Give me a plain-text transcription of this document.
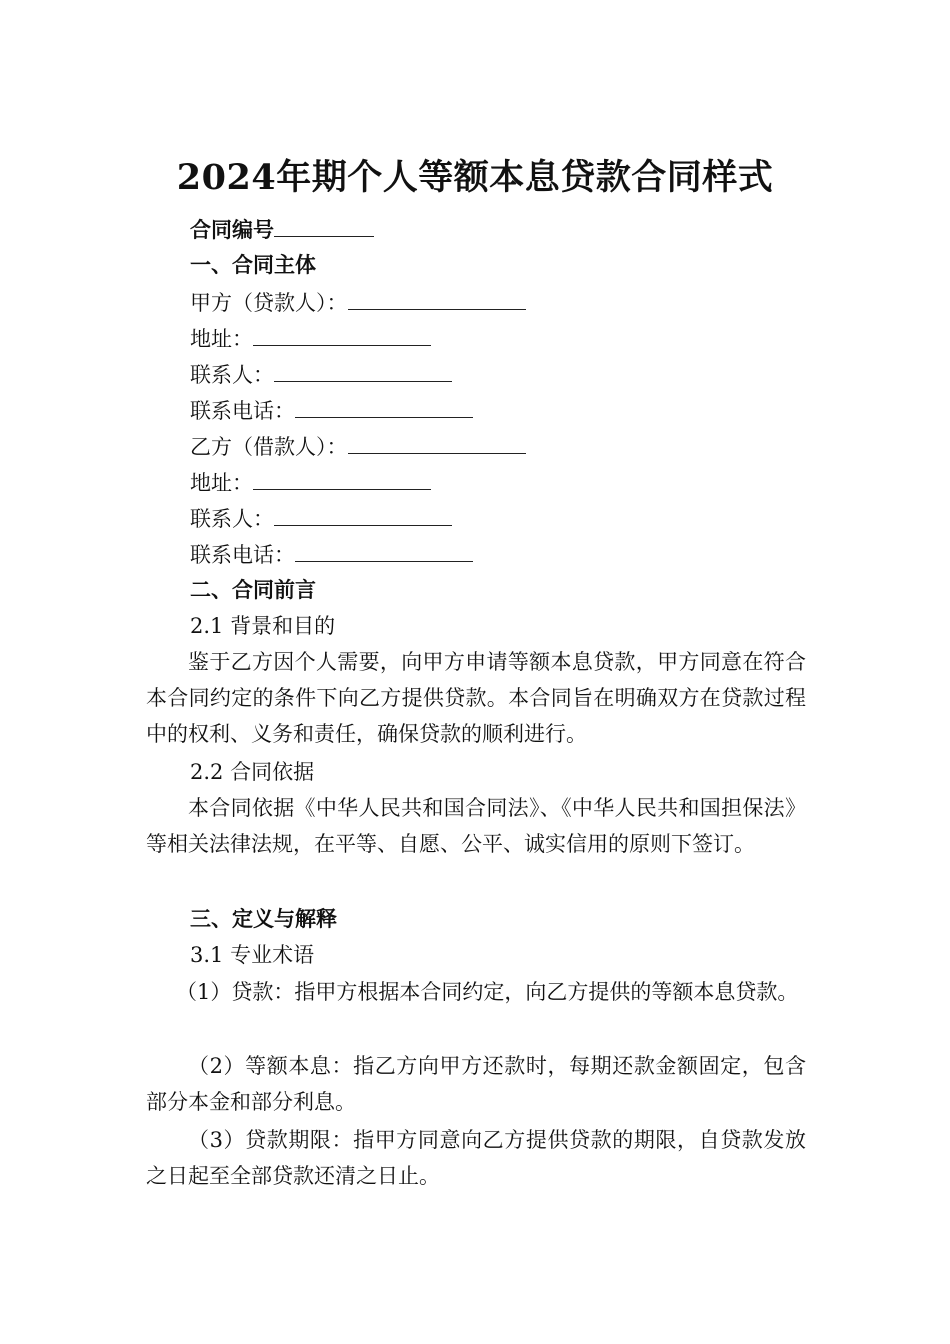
2024年期个人等额本息贷款合同样式
合同编号
一、合同主体
甲方（贷款人）：
地址：
联系人：
联系电话：
乙方（借款人）：
地址：
联系人：
联系电话：
二、合同前言
2.1 背景和目的

鉴于乙方因个人需要，向甲方申请等额本息贷款，甲方同意在符合本合同约定的条件下向乙方提供贷款。本合同旨在明确双方在贷款过程中的权利、义务和责任，确保贷款的顺利进行。

2.2 合同依据

本合同依据《中华人民共和国合同法》、《中华人民共和国担保法》等相关法律法规，在平等、自愿、公平、诚实信用的原则下签订。

三、定义与解释
3.1 专业术语

（1）贷款：指甲方根据本合同约定，向乙方提供的等额本息贷款。

（2）等额本息：指乙方向甲方还款时，每期还款金额固定，包含部分本金和部分利息。

（3）贷款期限：指甲方同意向乙方提供贷款的期限，自贷款发放之日起至全部贷款还清之日止。
